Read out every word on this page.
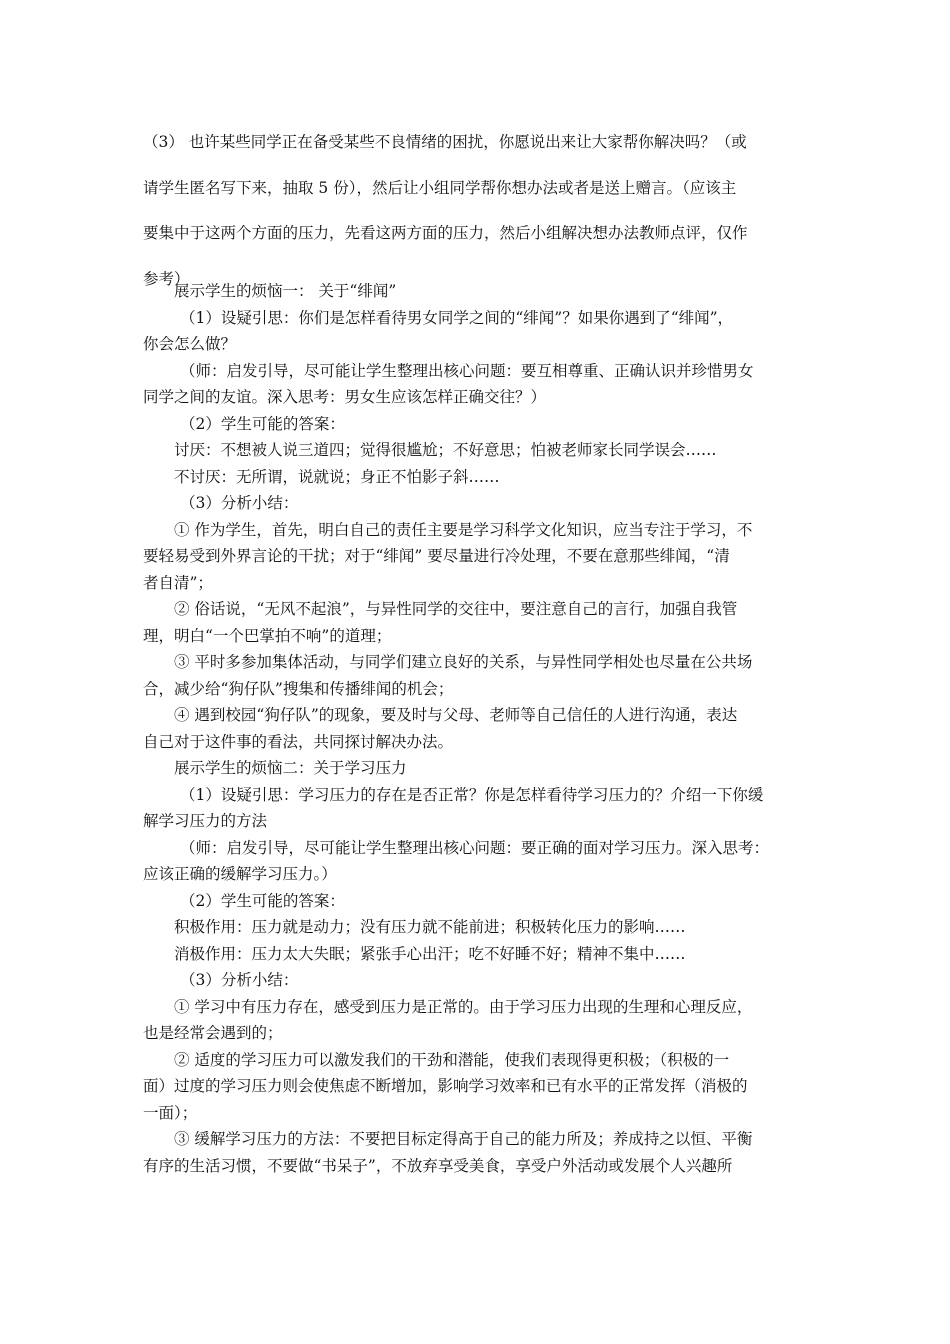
（3） 也许某些同学正在备受某些不良情绪的困扰，你愿说出来让大家帮你解决吗？（或

请学生匿名写下来，抽取 5 份），然后让小组同学帮你想办法或者是送上赠言。（应该主

要集中于这两个方面的压力，先看这两方面的压力，然后小组解决想办法教师点评，仅作

参考）

展示学生的烦恼一： 关于“绯闻”

（1）设疑引思：你们是怎样看待男女同学之间的“绯闻”？如果你遇到了“绯闻”，

你会怎么做？

（师：启发引导，尽可能让学生整理出核心问题：要互相尊重、正确认识并珍惜男女

同学之间的友谊。深入思考：男女生应该怎样正确交往？）

（2）学生可能的答案：

讨厌：不想被人说三道四；觉得很尴尬；不好意思；怕被老师家长同学误会……

不讨厌：无所谓，说就说；身正不怕影子斜……

（3）分析小结：

① 作为学生，首先，明白自己的责任主要是学习科学文化知识，应当专注于学习，不

要轻易受到外界言论的干扰；对于“绯闻” 要尽量进行冷处理，不要在意那些绯闻，“清

者自清”；

② 俗话说，“无风不起浪”，与异性同学的交往中，要注意自己的言行，加强自我管

理，明白“一个巴掌拍不响”的道理；

③ 平时多参加集体活动，与同学们建立良好的关系，与异性同学相处也尽量在公共场

合，减少给“狗仔队”搜集和传播绯闻的机会；

④ 遇到校园“狗仔队”的现象，要及时与父母、老师等自己信任的人进行沟通，表达

自己对于这件事的看法，共同探讨解决办法。

展示学生的烦恼二：关于学习压力

（1）设疑引思：学习压力的存在是否正常？你是怎样看待学习压力的？介绍一下你缓

解学习压力的方法

（师：启发引导，尽可能让学生整理出核心问题：要正确的面对学习压力。深入思考：

应该正确的缓解学习压力。）

（2）学生可能的答案：

积极作用：压力就是动力；没有压力就不能前进；积极转化压力的影响……

消极作用：压力太大失眠；紧张手心出汗；吃不好睡不好；精神不集中……

（3）分析小结：

① 学习中有压力存在，感受到压力是正常的。由于学习压力出现的生理和心理反应，

也是经常会遇到的；

② 适度的学习压力可以激发我们的干劲和潜能，使我们表现得更积极；（积极的一

面）过度的学习压力则会使焦虑不断增加，影响学习效率和已有水平的正常发挥（消极的

一面）；

③ 缓解学习压力的方法：不要把目标定得高于自己的能力所及；养成持之以恒、平衡

有序的生活习惯，不要做“书呆子”，不放弃享受美食，享受户外活动或发展个人兴趣所
